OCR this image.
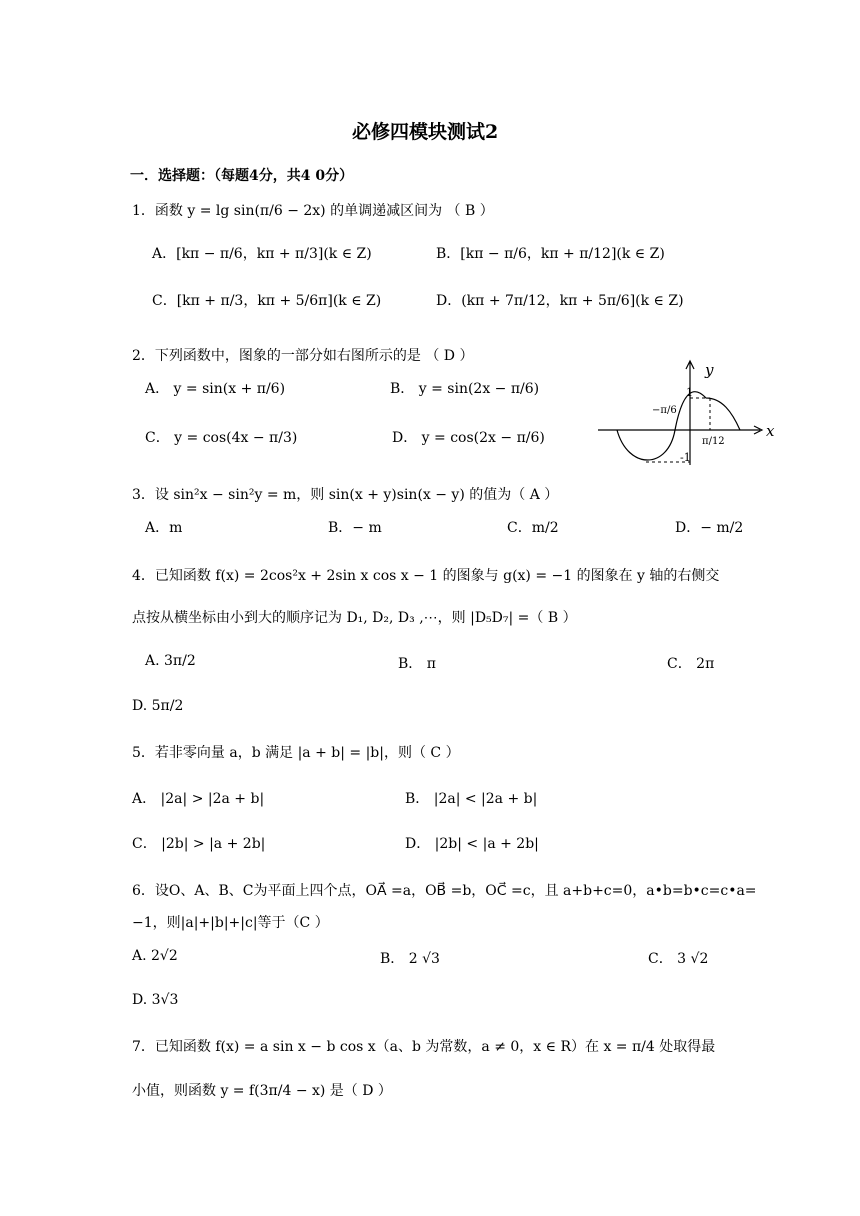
必修四模块测试2
一．选择题：（每题4分，共4 0分）
1．函数 y = lg sin(π/6 − 2x) 的单调递减区间为 （ B ）
A．[kπ − π/6，kπ + π/3](k ∈ Z)	B．[kπ − π/6，kπ + π/12](k ∈ Z)
C．[kπ + π/3，kπ + 5/6π](k ∈ Z)	D．(kπ + 7π/12，kπ + 5π/6](k ∈ Z)
2．下列函数中，图象的一部分如右图所示的是 （ D ）
A． y = sin(x + π/6)	B． y = sin(2x − π/6)
C． y = cos(4x − π/3)	D． y = cos(2x − π/6)
y
x
1
-1
−π/6
π/12
3．设 sin²x − sin²y = m，则 sin(x + y)sin(x − y) 的值为（ A ）
A．m	B．− m	C．m/2	D．− m/2
4．已知函数 f(x) = 2cos²x + 2sin x cos x − 1 的图象与 g(x) = −1 的图象在 y 轴的右侧交
点按从横坐标由小到大的顺序记为 D₁, D₂, D₃ ,⋯，则 |D₅D₇| =（ B ）
A. 3π/2	B． π	C． 2π
D. 5π/2
5．若非零向量 a，b 满足 |a + b| = |b|，则（ C ）
A． |2a| > |2a + b|	B． |2a| < |2a + b|
C． |2b| > |a + 2b|	D． |2b| < |a + 2b|
6．设O、A、B、C为平面上四个点，OA⃗ =a，OB⃗ =b，OC⃗ =c，且 a+b+c=0，a•b=b•c=c•a=
−1，则|a|+|b|+|c|等于（C ）
A. 2√2	B． 2 √3	C． 3 √2
D. 3√3
7．已知函数 f(x) = a sin x − b cos x（a、b 为常数，a ≠ 0，x ∈ R）在 x = π/4 处取得最
小值，则函数 y = f(3π/4 − x) 是（ D ）
